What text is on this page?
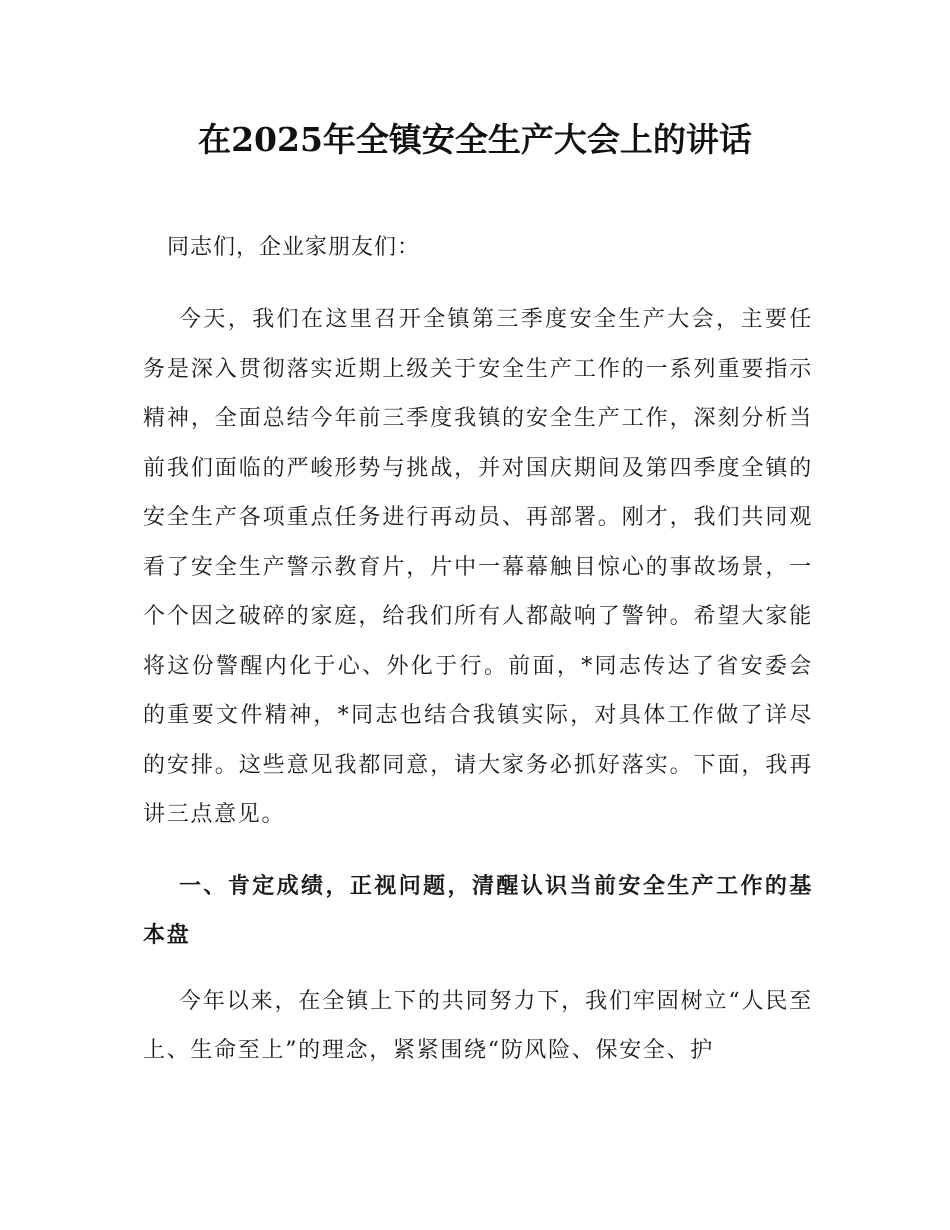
在2025年全镇安全生产大会上的讲话

同志们，企业家朋友们：

今天，我们在这里召开全镇第三季度安全生产大会，主要任务是深入贯彻落实近期上级关于安全生产工作的一系列重要指示精神，全面总结今年前三季度我镇的安全生产工作，深刻分析当前我们面临的严峻形势与挑战，并对国庆期间及第四季度全镇的安全生产各项重点任务进行再动员、再部署。刚才，我们共同观看了安全生产警示教育片，片中一幕幕触目惊心的事故场景，一个个因之破碎的家庭，给我们所有人都敲响了警钟。希望大家能将这份警醒内化于心、外化于行。前面，*同志传达了省安委会的重要文件精神，*同志也结合我镇实际，对具体工作做了详尽的安排。这些意见我都同意，请大家务必抓好落实。下面，我再讲三点意见。

一、肯定成绩，正视问题，清醒认识当前安全生产工作的基本盘

今年以来，在全镇上下的共同努力下，我们牢固树立“人民至上、生命至上”的理念，紧紧围绕“防风险、保安全、护
